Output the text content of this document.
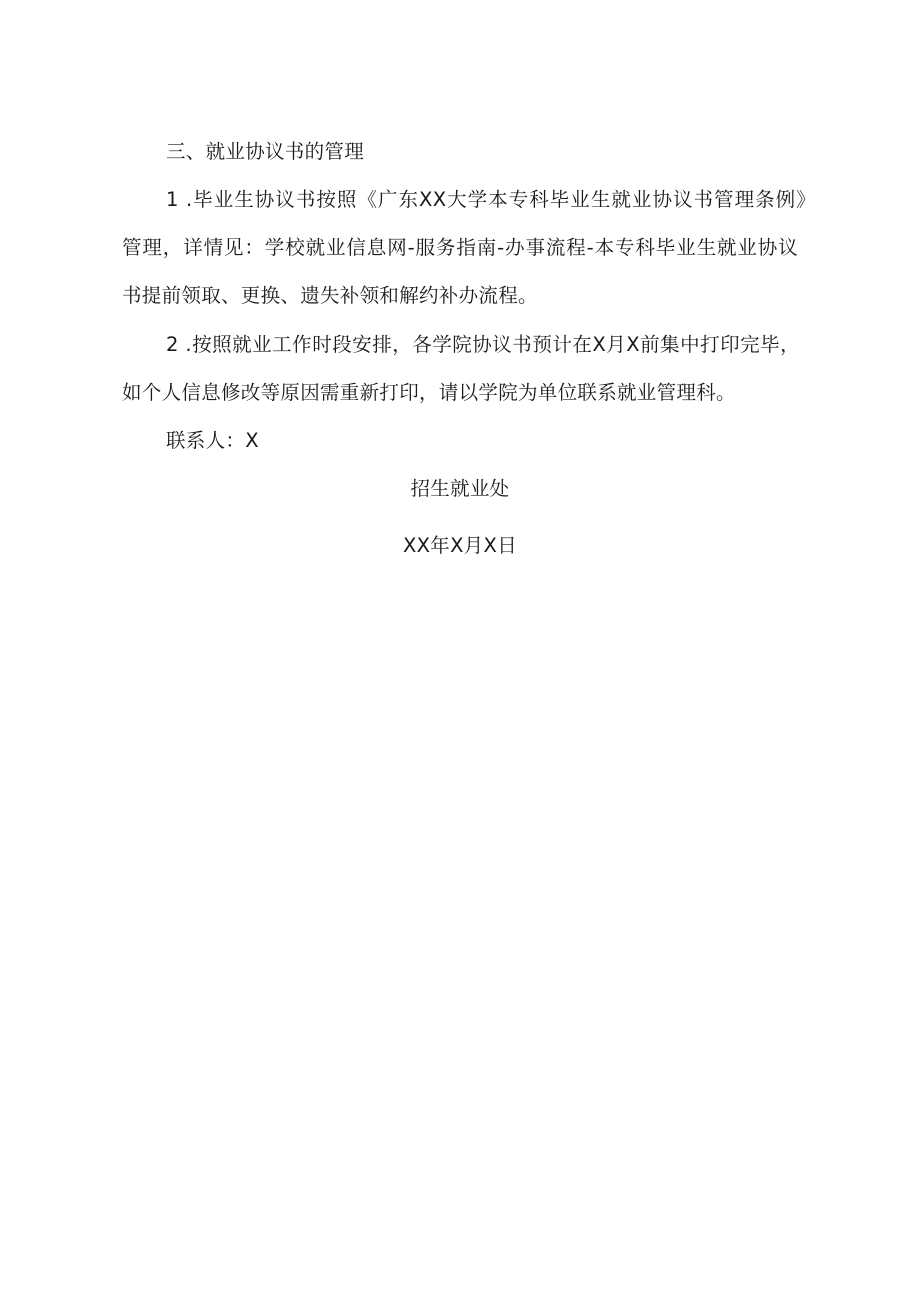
三、就业协议书的管理
1 .毕业生协议书按照《广东XX大学本专科毕业生就业协议书管理条例》
管理，详情见：学校就业信息网-服务指南-办事流程-本专科毕业生就业协议
书提前领取、更换、遗失补领和解约补办流程。
2 .按照就业工作时段安排，各学院协议书预计在X月X前集中打印完毕，
如个人信息修改等原因需重新打印，请以学院为单位联系就业管理科。
联系人：X
招生就业处
XX年X月X日
